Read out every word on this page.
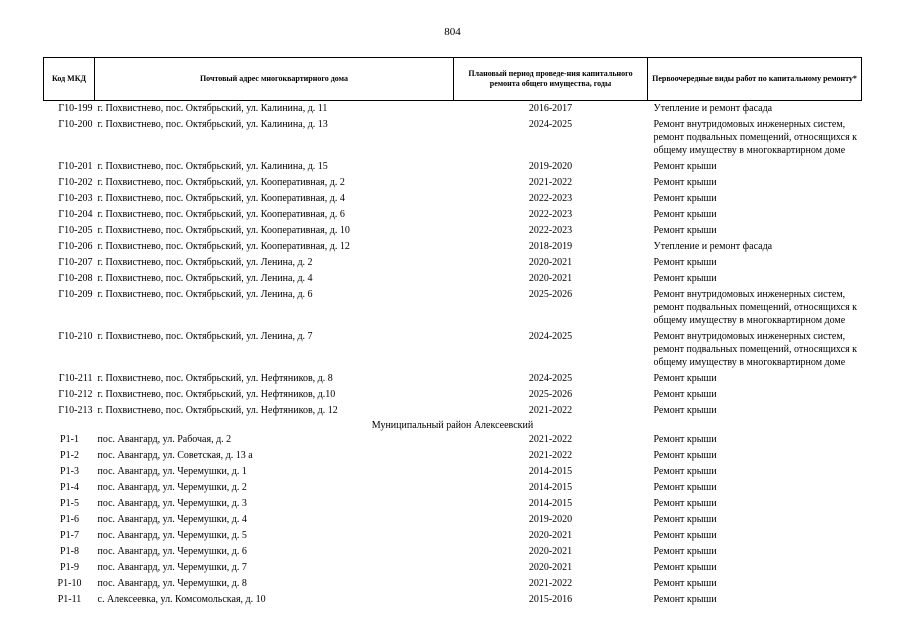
804
Код МКД	Почтовый адрес многоквартирного дома	Плановый период проведе-ния капитального ремонта общего имущества, годы	Первоочередные виды работ по капитальному ремонту*
Г10-199	г. Похвистнево, пос. Октябрьский, ул. Калинина, д. 11	2016-2017	Утепление и ремонт фасада
Г10-200	г. Похвистнево, пос. Октябрьский, ул. Калинина, д. 13	2024-2025	Ремонт внутридомовых инженерных систем, ремонт подвальных помещений, относящихся к общему имуществу в многоквартирном доме
Г10-201	г. Похвистнево, пос. Октябрьский, ул. Калинина, д. 15	2019-2020	Ремонт крыши
Г10-202	г. Похвистнево, пос. Октябрьский, ул. Кооперативная, д. 2	2021-2022	Ремонт крыши
Г10-203	г. Похвистнево, пос. Октябрьский, ул. Кооперативная, д. 4	2022-2023	Ремонт крыши
Г10-204	г. Похвистнево, пос. Октябрьский, ул. Кооперативная, д. 6	2022-2023	Ремонт крыши
Г10-205	г. Похвистнево, пос. Октябрьский, ул. Кооперативная, д. 10	2022-2023	Ремонт крыши
Г10-206	г. Похвистнево, пос. Октябрьский, ул. Кооперативная, д. 12	2018-2019	Утепление и ремонт фасада
Г10-207	г. Похвистнево, пос. Октябрьский, ул. Ленина, д. 2	2020-2021	Ремонт крыши
Г10-208	г. Похвистнево, пос. Октябрьский, ул. Ленина, д. 4	2020-2021	Ремонт крыши
Г10-209	г. Похвистнево, пос. Октябрьский, ул. Ленина, д. 6	2025-2026	Ремонт внутридомовых инженерных систем, ремонт подвальных помещений, относящихся к общему имуществу в многоквартирном доме
Г10-210	г. Похвистнево, пос. Октябрьский, ул. Ленина, д. 7	2024-2025	Ремонт внутридомовых инженерных систем, ремонт подвальных помещений, относящихся к общему имуществу в многоквартирном доме
Г10-211	г. Похвистнево, пос. Октябрьский, ул. Нефтяников, д. 8	2024-2025	Ремонт крыши
Г10-212	г. Похвистнево, пос. Октябрьский, ул. Нефтяников, д.10	2025-2026	Ремонт крыши
Г10-213	г. Похвистнево, пос. Октябрьский, ул. Нефтяников, д. 12	2021-2022	Ремонт крыши
Муниципальный район Алексеевский			
Р1-1	пос. Авангард, ул. Рабочая, д. 2	2021-2022	Ремонт крыши
Р1-2	пос. Авангард, ул. Советская, д. 13 а	2021-2022	Ремонт крыши
Р1-3	пос. Авангард, ул. Черемушки, д. 1	2014-2015	Ремонт крыши
Р1-4	пос. Авангард, ул. Черемушки, д. 2	2014-2015	Ремонт крыши
Р1-5	пос. Авангард, ул. Черемушки, д. 3	2014-2015	Ремонт крыши
Р1-6	пос. Авангард, ул. Черемушки, д. 4	2019-2020	Ремонт крыши
Р1-7	пос. Авангард, ул. Черемушки, д. 5	2020-2021	Ремонт крыши
Р1-8	пос. Авангард, ул. Черемушки, д. 6	2020-2021	Ремонт крыши
Р1-9	пос. Авангард, ул. Черемушки, д. 7	2020-2021	Ремонт крыши
Р1-10	пос. Авангард, ул. Черемушки, д. 8	2021-2022	Ремонт крыши
Р1-11	с. Алексеевка, ул. Комсомольская, д. 10	2015-2016	Ремонт крыши
